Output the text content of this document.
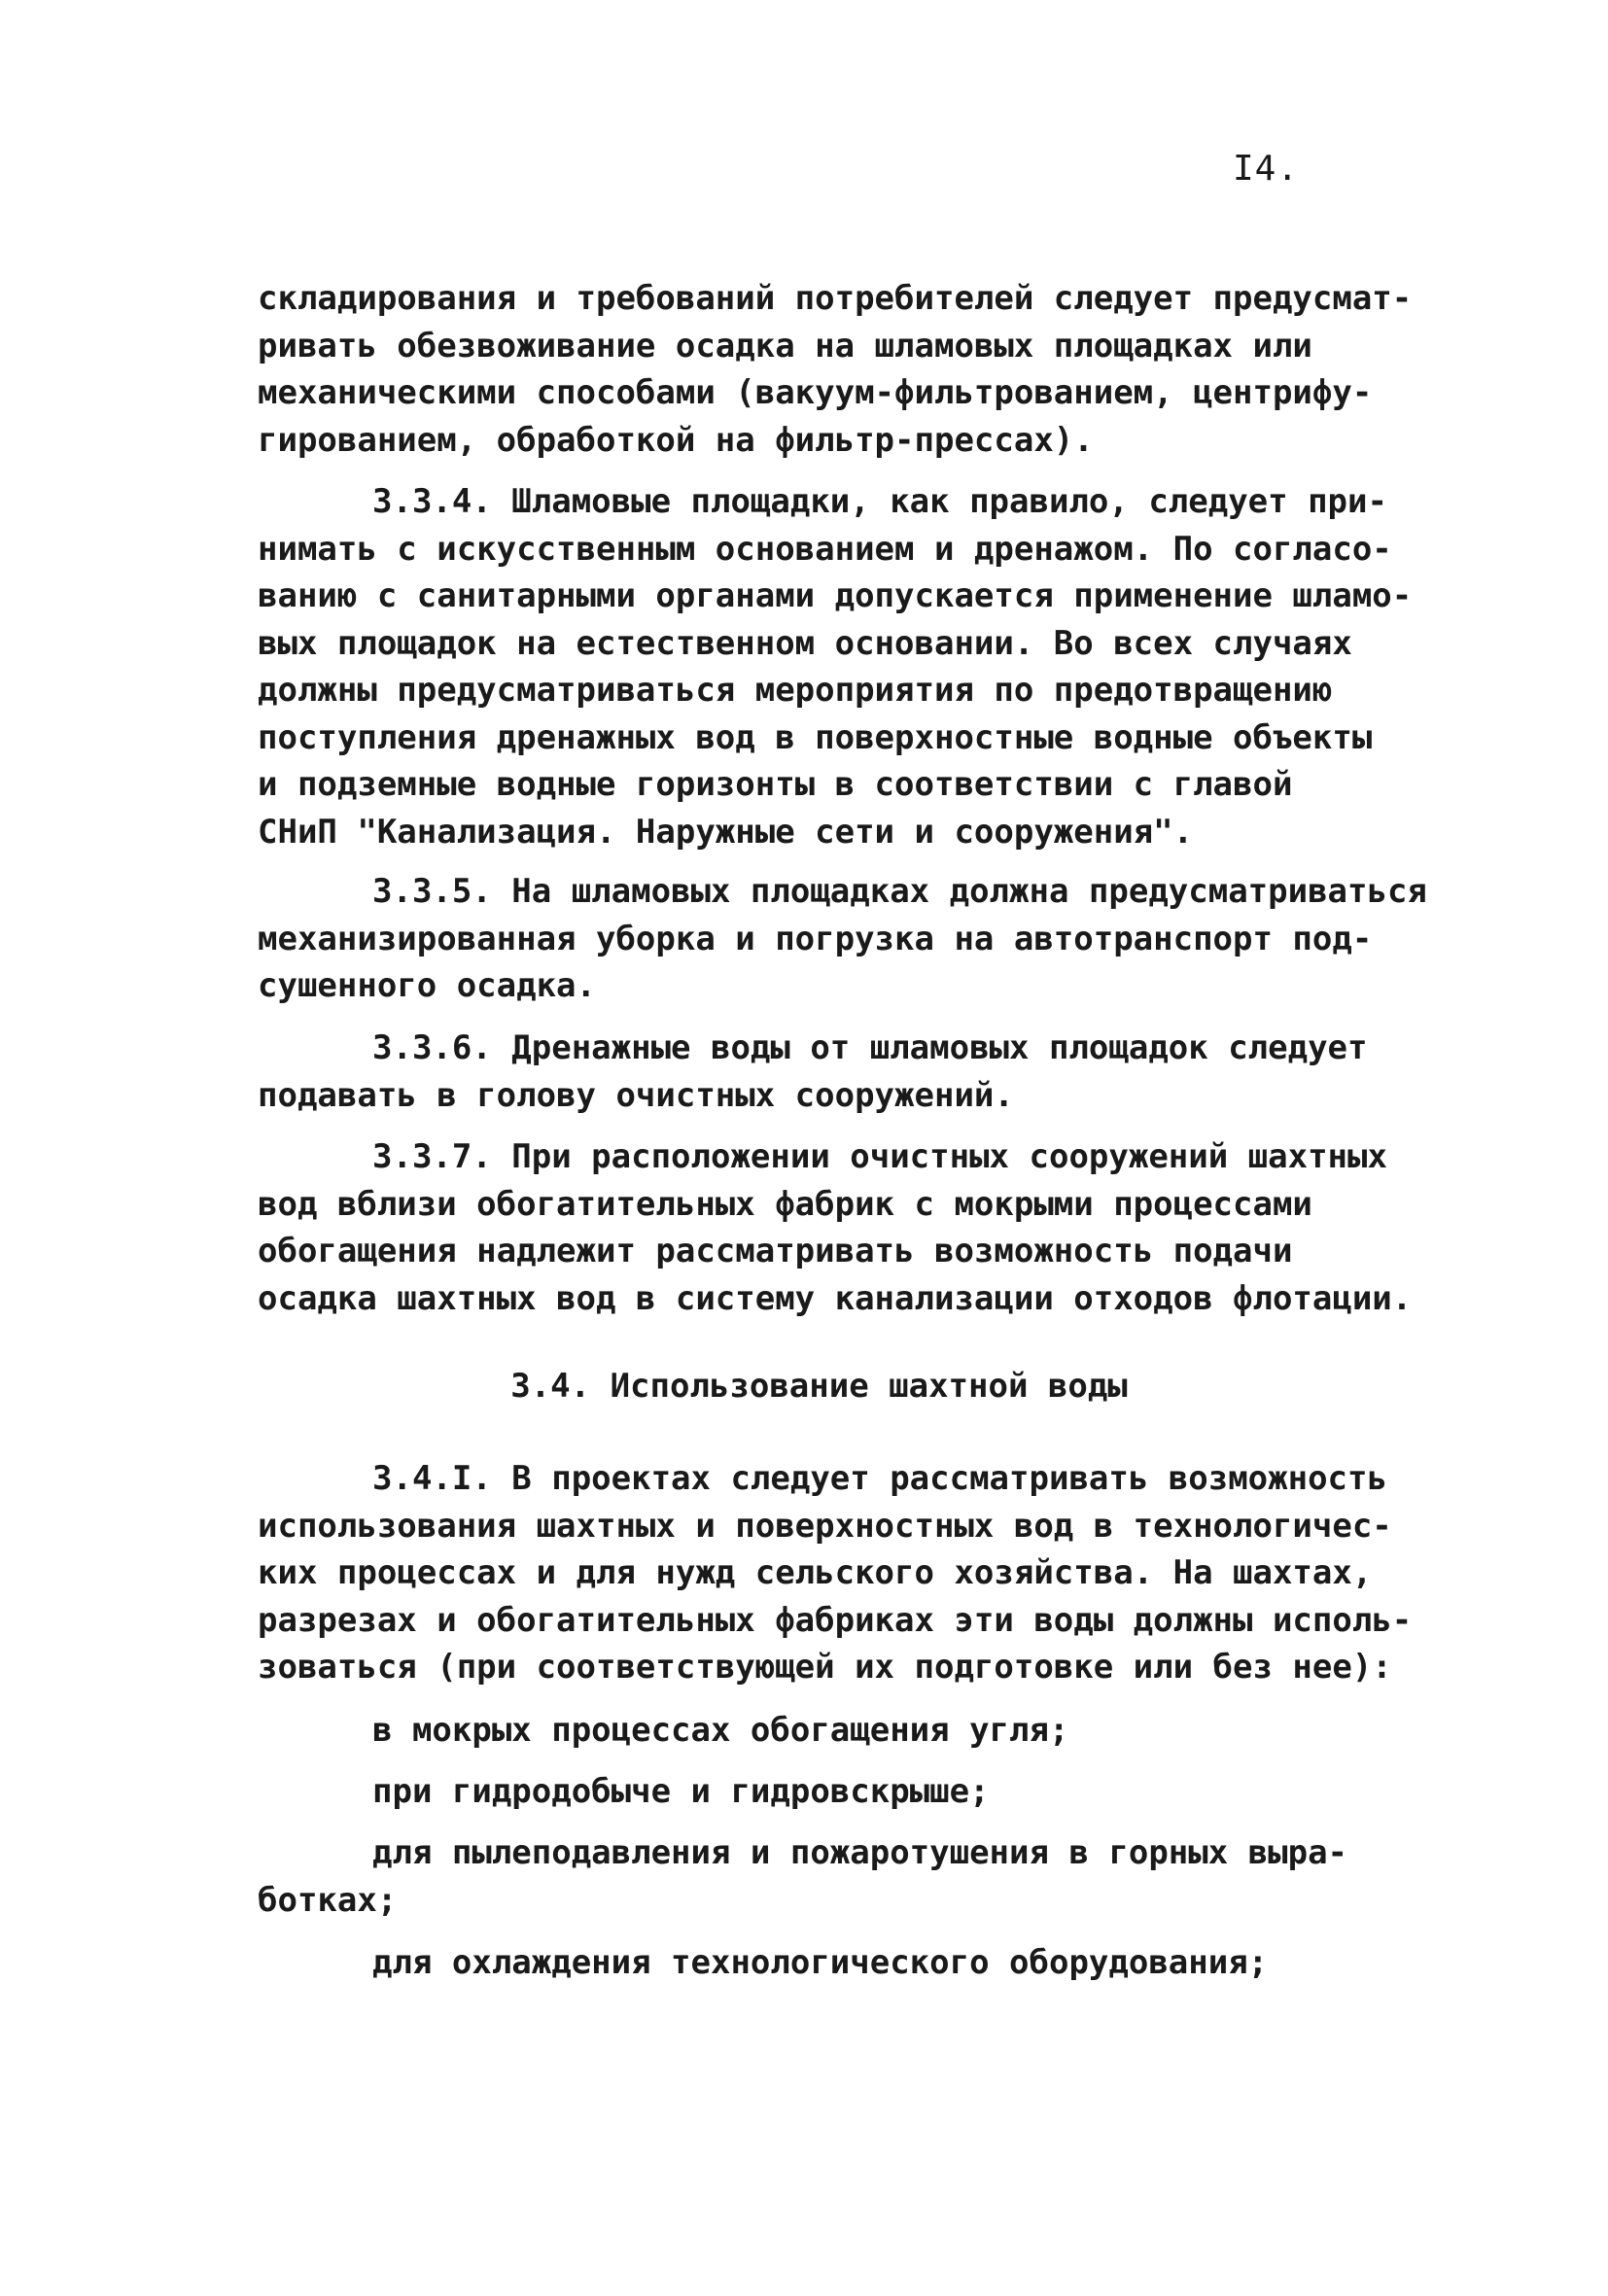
I4.
складирования и требований потребителей следует предусмат-
ривать обезвоживание осадка на шламовых площадках или
механическими способами (вакуум-фильтрованием, центрифу-
гированием, обработкой на фильтр-прессах).
3.3.4. Шламовые площадки, как правило, следует при-
нимать с искусственным основанием и дренажом. По согласо-
ванию с санитарными органами допускается применение шламо-
вых площадок на естественном основании. Во всех случаях
должны предусматриваться мероприятия по предотвращению
поступления дренажных вод в поверхностные водные объекты
и подземные водные горизонты в соответствии с главой
СНиП "Канализация. Наружные сети и сооружения".
3.3.5. На шламовых площадках должна предусматриваться
механизированная уборка и погрузка на автотранспорт под-
сушенного осадка.
3.3.6. Дренажные воды от шламовых площадок следует
подавать в голову очистных сооружений.
3.3.7. При расположении очистных сооружений шахтных
вод вблизи обогатительных фабрик с мокрыми процессами
обогащения надлежит рассматривать возможность подачи
осадка шахтных вод в систему канализации отходов флотации.
3.4. Использование шахтной воды
3.4.I. В проектах следует рассматривать возможность
использования шахтных и поверхностных вод в технологичес-
ких процессах и для нужд сельского хозяйства. На шахтах,
разрезах и обогатительных фабриках эти воды должны исполь-
зоваться (при соответствующей их подготовке или без нее):
в мокрых процессах обогащения угля;
при гидродобыче и гидровскрыше;
для пылеподавления и пожаротушения в горных выра-
ботках;
для охлаждения технологического оборудования;
